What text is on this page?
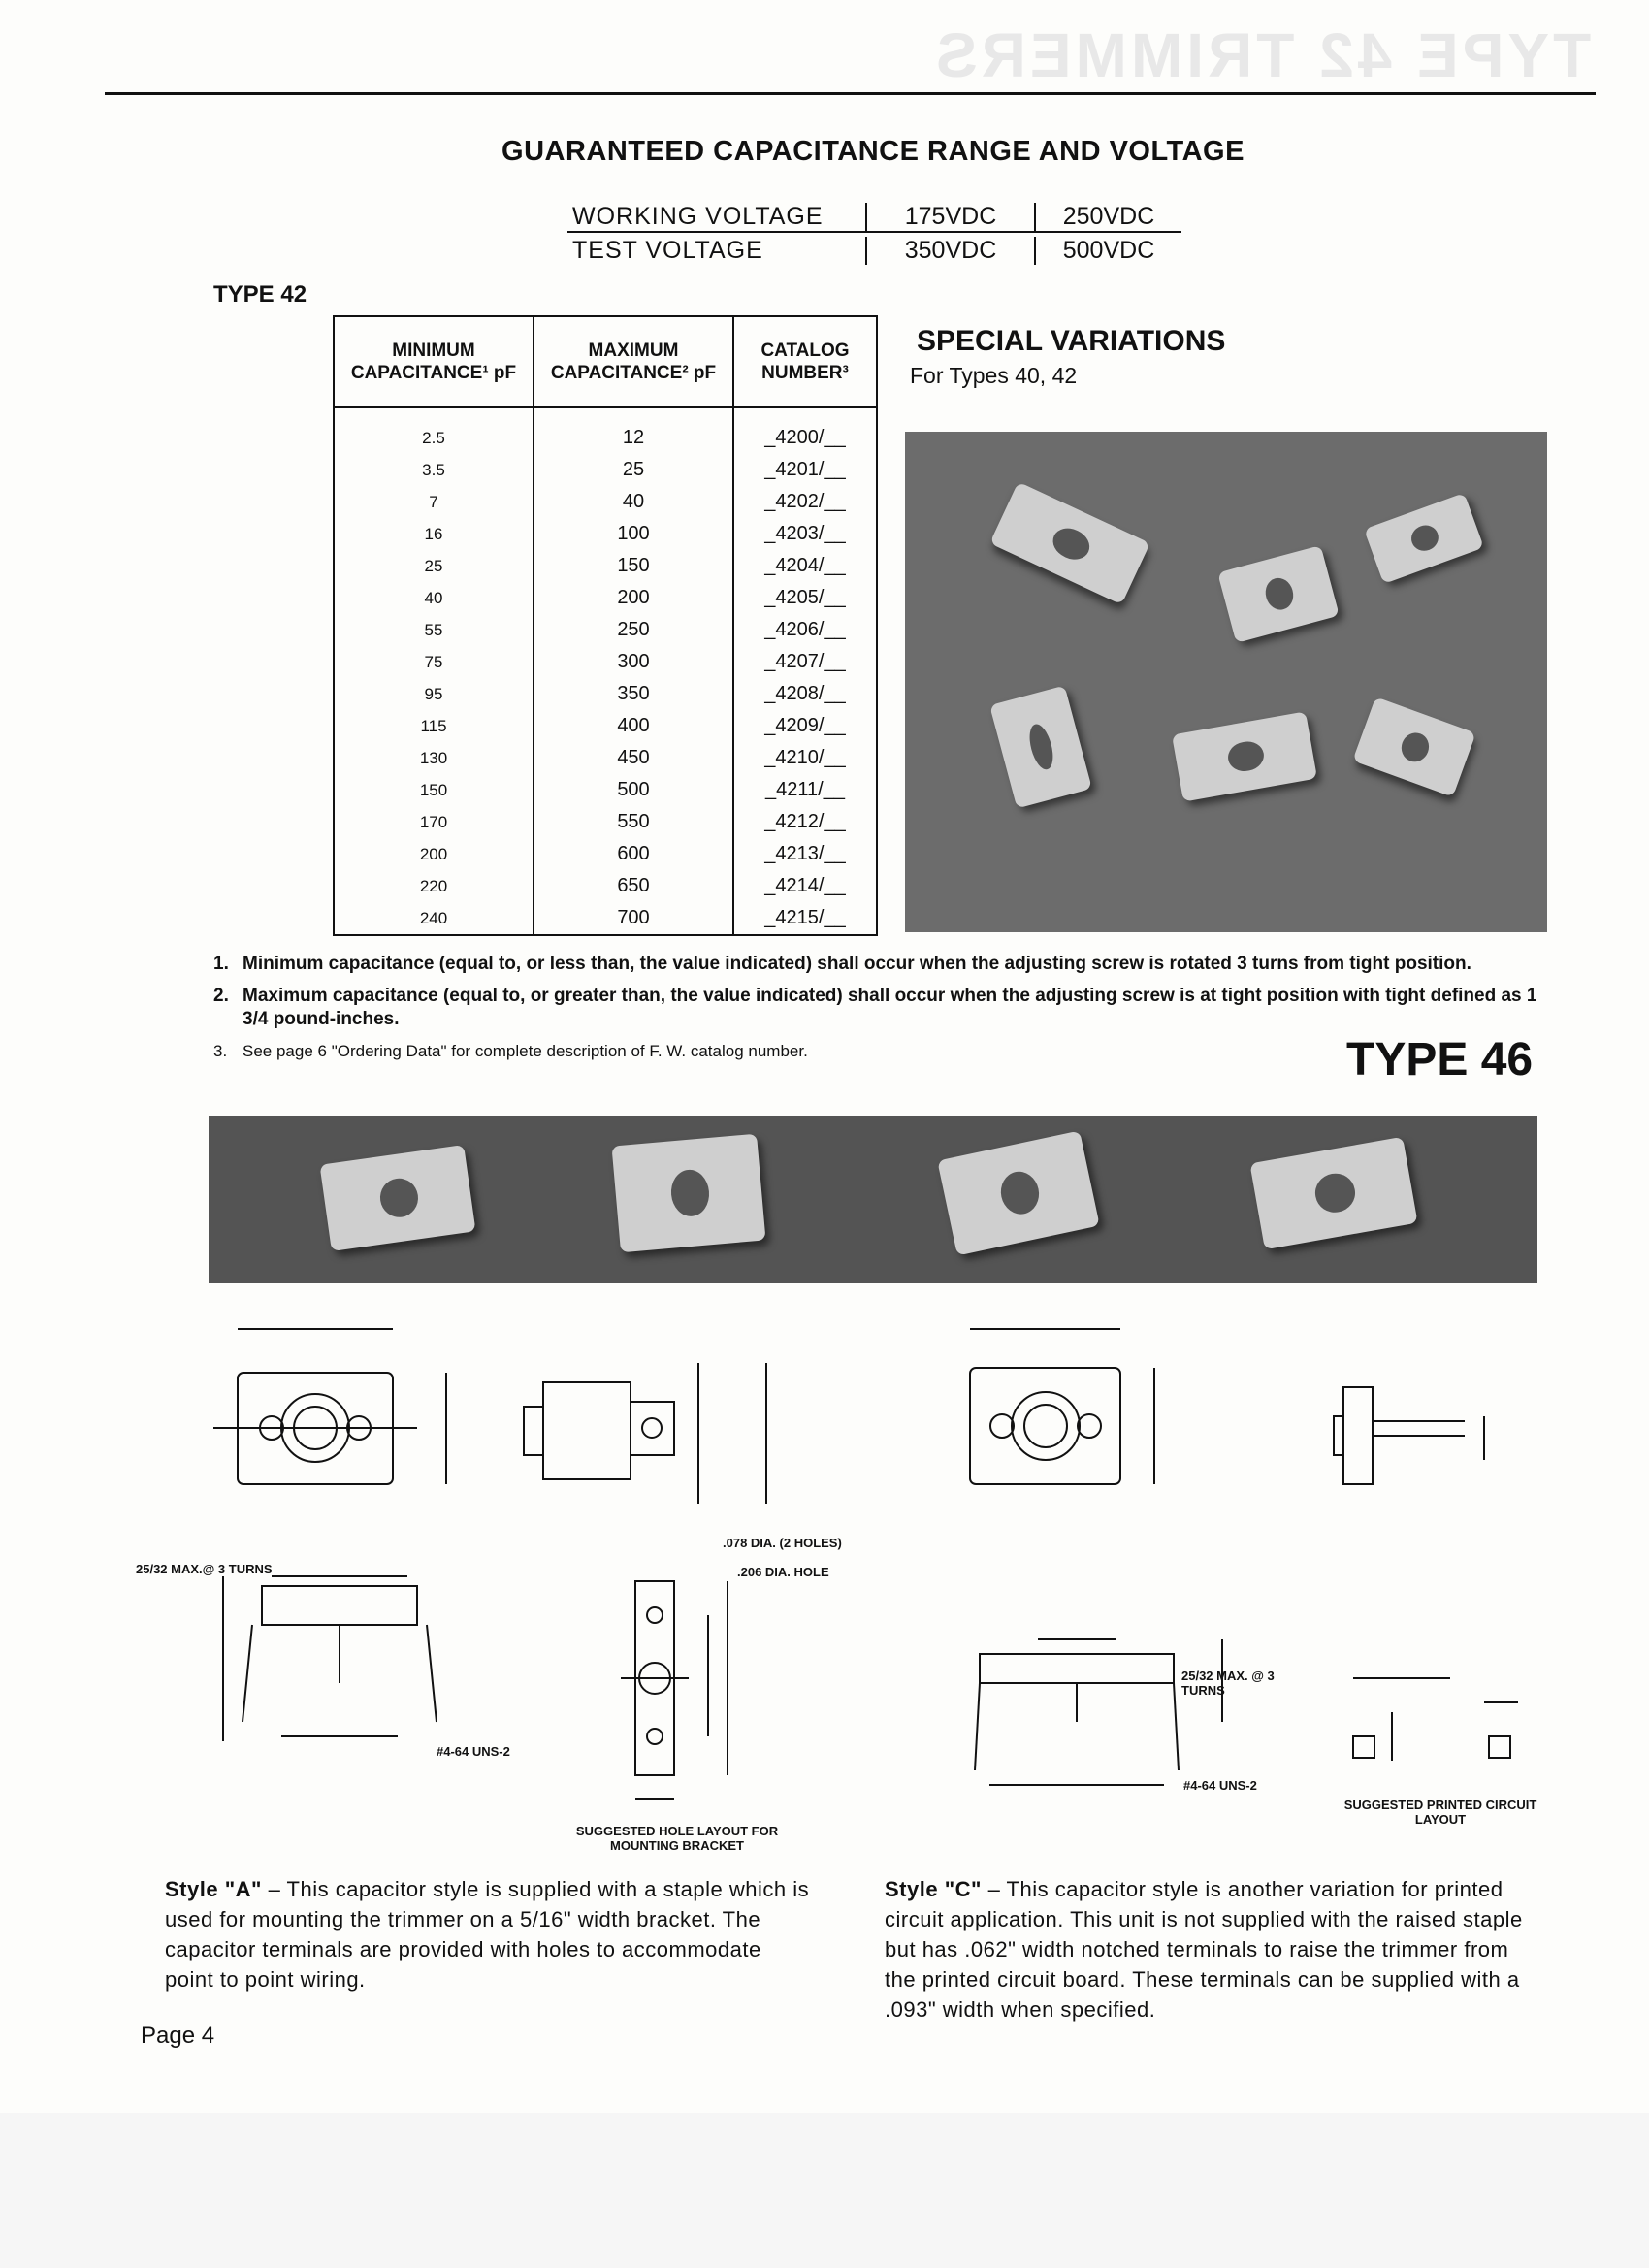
TYPE 42 TRIMMERS
GUARANTEED CAPACITANCE RANGE AND VOLTAGE
WORKING VOLTAGE	175VDC	250VDC
TEST VOLTAGE	350VDC	500VDC
TYPE 42
MINIMUM CAPACITANCE¹ pF	MAXIMUM CAPACITANCE² pF	CATALOG NUMBER³
2.5	12	_4200/__
3.5	25	_4201/__
7	40	_4202/__
16	100	_4203/__
25	150	_4204/__
40	200	_4205/__
55	250	_4206/__
75	300	_4207/__
95	350	_4208/__
115	400	_4209/__
130	450	_4210/__
150	500	_4211/__
170	550	_4212/__
200	600	_4213/__
220	650	_4214/__
240	700	_4215/__
SPECIAL VARIATIONS
For Types 40, 42
1. Minimum capacitance (equal to, or less than, the value indicated) shall occur when the adjusting screw is rotated 3 turns from tight position.
2. Maximum capacitance (equal to, or greater than, the value indicated) shall occur when the adjusting screw is at tight position with tight defined as 1 3/4 pound-inches.
3. See page 6 "Ordering Data" for complete description of F. W. catalog number.	TYPE 46
25/32 MAX.@ 3 TURNS
.078 DIA. (2 HOLES)
.206 DIA. HOLE
#4-64 UNS-2
SUGGESTED HOLE LAYOUT FOR MOUNTING BRACKET
25/32 MAX. @ 3 TURNS
#4-64 UNS-2
SUGGESTED PRINTED CIRCUIT LAYOUT
Style "A" – This capacitor style is supplied with a staple which is used for mounting the trimmer on a 5/16" width bracket. The capacitor terminals are provided with holes to accommodate point to point wiring.
Style "C" – This capacitor style is another variation for printed circuit application. This unit is not supplied with the raised staple but has .062" width notched terminals to raise the trimmer from the printed circuit board. These terminals can be supplied with a .093" width when specified.
Page 4
